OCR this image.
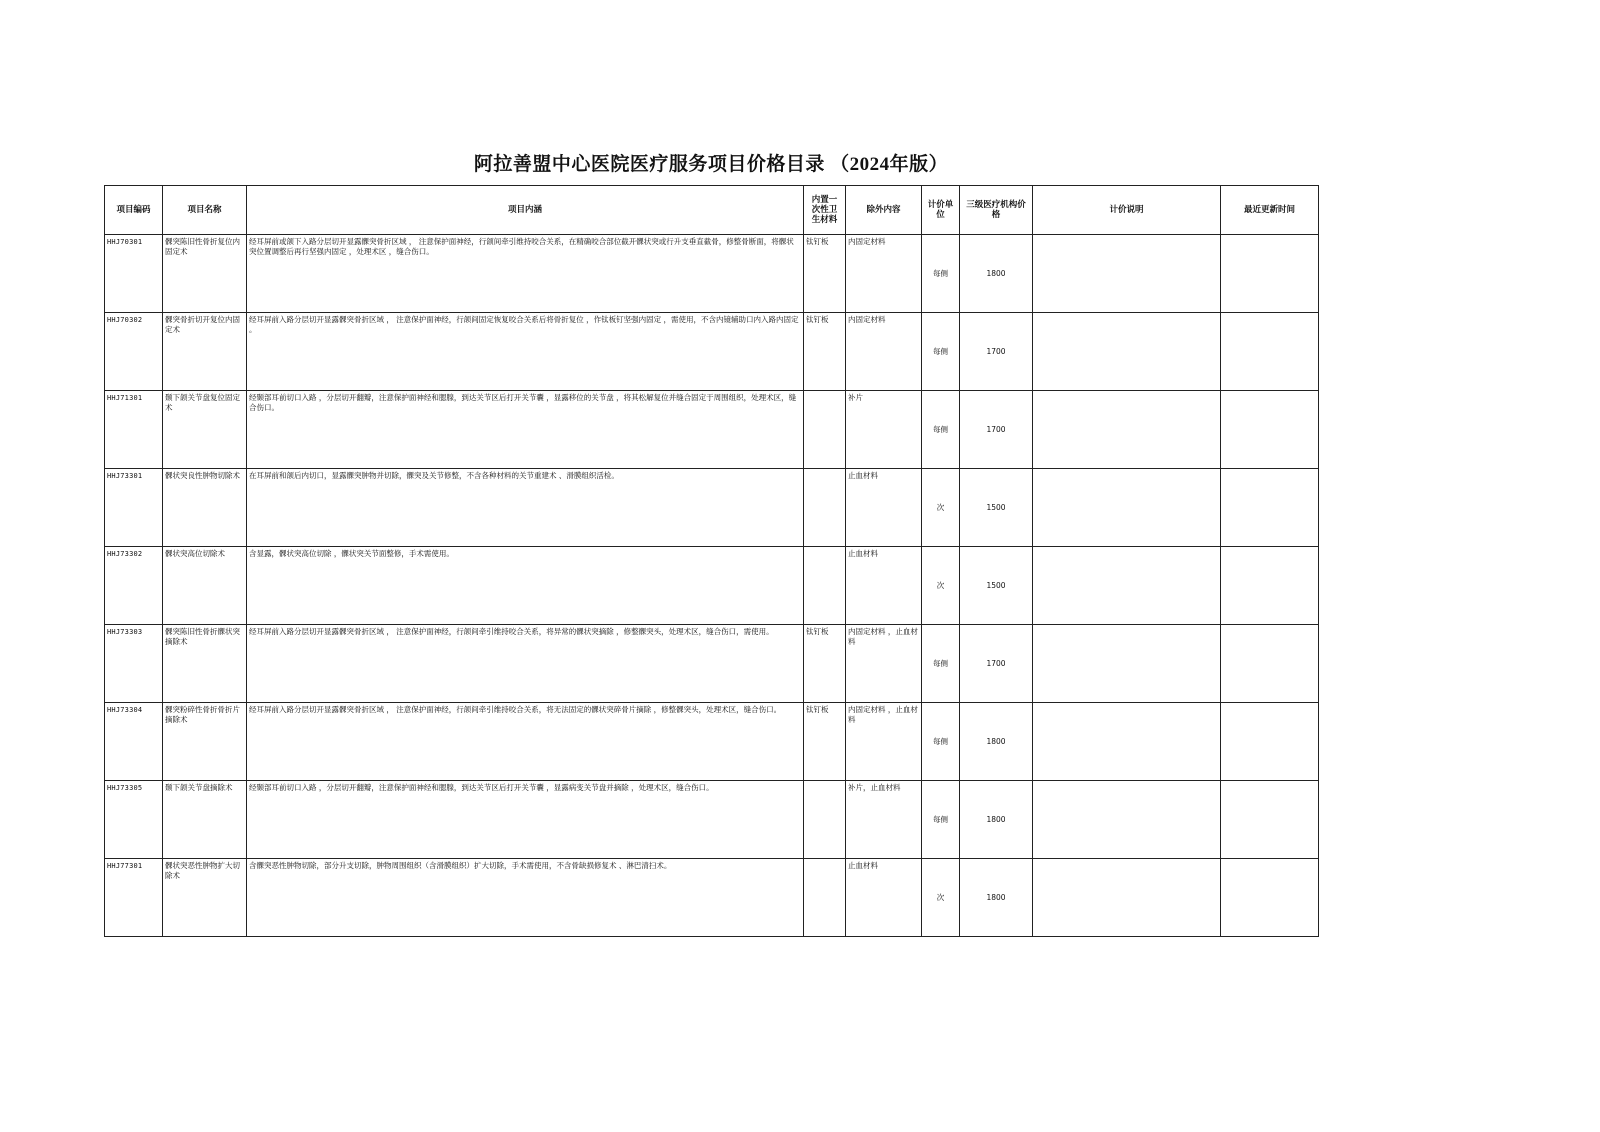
阿拉善盟中心医院医疗服务项目价格目录 （2024年版）
项目编码	项目名称	项目内涵	内置一次性卫生材料	除外内容	计价单位	三级医疗机构价格	计价说明	最近更新时间

HHJ70301	髁突陈旧性骨折复位内固定术	经耳屏前或颌下入路分层切开显露髁突骨折区域 ， 注意保护面神经，行颌间牵引维持咬合关系，在精确咬合部位截开髁状突或行升支垂直截骨，修整骨断面，将髁状突位置调整后再行坚强内固定 ，处理术区 ，缝合伤口。	钛钉板	内固定材料	每侧	1800		

HHJ70302	髁突骨折切开复位内固定术	经耳屏前入路分层切开显露髁突骨折区域 ， 注意保护面神经，行颌间固定恢复咬合关系后将骨折复位 ，作钛板钉坚强内固定 ，需使用，不含内镜辅助口内入路内固定 。	钛钉板	内固定材料	每侧	1700		

HHJ71301	颞下颌关节盘复位固定术	经颞部耳前切口入路 ，分层切开翻瓣，注意保护面神经和腮腺，到达关节区后打开关节囊 ，显露移位的关节盘 ，将其松解复位并缝合固定于周围组织，处理术区，缝合伤口。		补片	每侧	1700		

HHJ73301	髁状突良性肿物切除术	在耳屏前和颌后内切口，显露髁突肿物并切除，髁突及关节修整，不含各种材料的关节重建术 、滑膜组织活检。		止血材料	次	1500		

HHJ73302	髁状突高位切除术	含显露，髁状突高位切除 ，髁状突关节面整修，手术需使用。		止血材料	次	1500		

HHJ73303	髁突陈旧性骨折髁状突摘除术	经耳屏前入路分层切开显露髁突骨折区域 ， 注意保护面神经，行颌间牵引维持咬合关系，将异常的髁状突摘除 ，修整髁突头，处理术区，缝合伤口，需使用。	钛钉板	内固定材料 ，止血材料	每侧	1700		

HHJ73304	髁突粉碎性骨折骨折片摘除术	经耳屏前入路分层切开显露髁突骨折区域 ， 注意保护面神经，行颌间牵引维持咬合关系，将无法固定的髁状突碎骨片摘除 ，修整髁突头，处理术区，缝合伤口。	钛钉板	内固定材料 ，止血材料	每侧	1800		

HHJ73305	颞下颌关节盘摘除术	经颞部耳前切口入路 ，分层切开翻瓣，注意保护面神经和腮腺，到达关节区后打开关节囊 ，显露病变关节盘并摘除 ，处理术区，缝合伤口。		补片，止血材料	每侧	1800		

HHJ77301	髁状突恶性肿物扩大切除术	含髁突恶性肿物切除，部分升支切除，肿物周围组织（含滑膜组织）扩大切除，手术需使用，不含骨缺损修复术 、淋巴清扫术。		止血材料	次	1800		
